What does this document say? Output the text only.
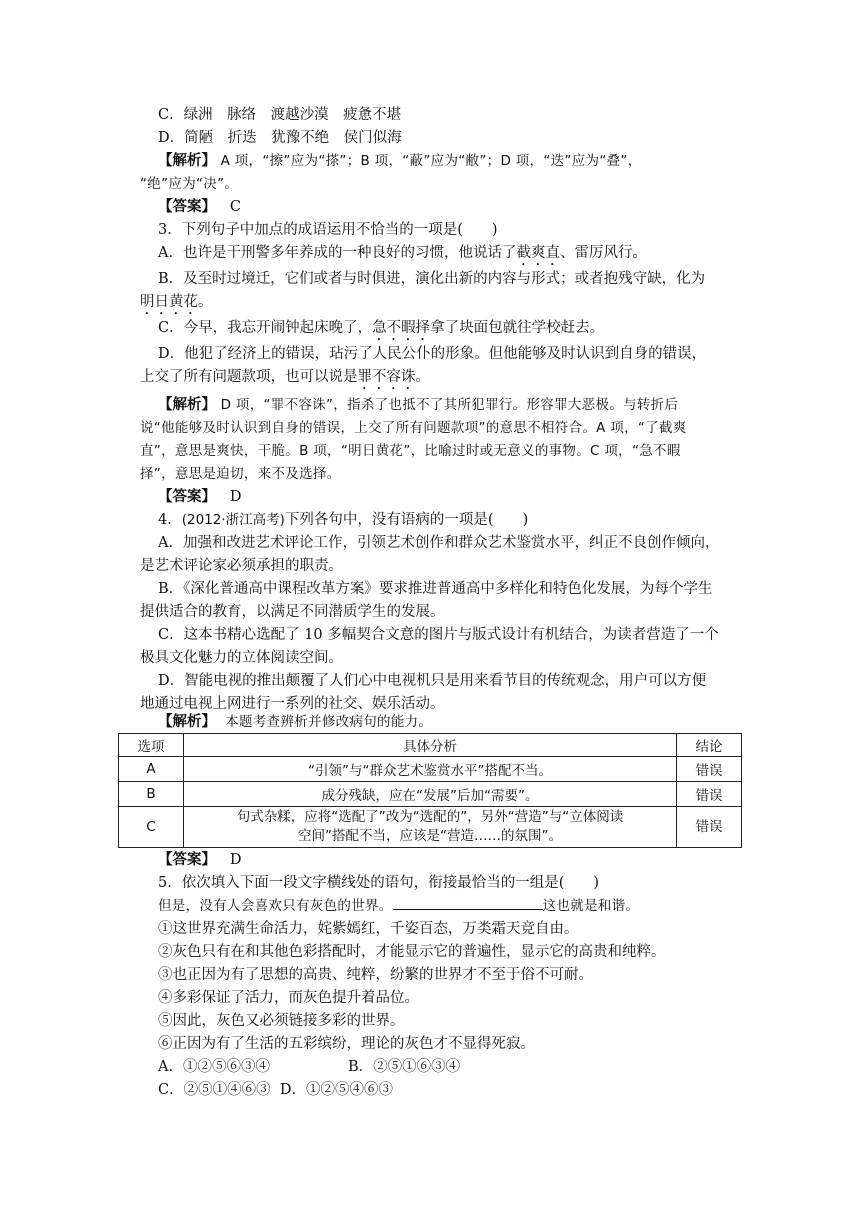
C．绿洲　脉络　渡越沙漠　疲惫不堪
D．简陋　折迭　犹豫不绝　侯门似海
【解析】 A 项，“擦”应为“搽”；B 项，“蔽”应为“敝”；D 项，“迭”应为“叠”，
“绝”应为“决”。
【答案】 C
3．下列句子中加点的成语运用不恰当的一项是(　　)
A．也许是干刑警多年养成的一种良好的习惯，他说话了截爽直、雷厉风行。
B．及至时过境迁，它们或者与时俱进，演化出新的内容与形式；或者抱残守缺，化为
明日黄花。
C．今早，我忘开闹钟起床晚了，急不暇择拿了块面包就往学校赶去。
D．他犯了经济上的错误，玷污了人民公仆的形象。但他能够及时认识到自身的错误，
上交了所有问题款项，也可以说是罪不容诛。
【解析】 D 项，“罪不容诛”，指杀了也抵不了其所犯罪行。形容罪大恶极。与转折后
说“他能够及时认识到自身的错误，上交了所有问题款项”的意思不相符合。A 项，“了截爽
直”，意思是爽快，干脆。B 项，“明日黄花”，比喻过时或无意义的事物。C 项，“急不暇
择”，意思是迫切，来不及选择。
【答案】 D
4．(2012·浙江高考)下列各句中，没有语病的一项是(　　)
A．加强和改进艺术评论工作，引领艺术创作和群众艺术鉴赏水平，纠正不良创作倾向，
是艺术评论家必须承担的职责。
B．《深化普通高中课程改革方案》要求推进普通高中多样化和特色化发展，为每个学生
提供适合的教育，以满足不同潜质学生的发展。
C．这本书精心选配了 10 多幅契合文意的图片与版式设计有机结合，为读者营造了一个
极具文化魅力的立体阅读空间。
D．智能电视的推出颠覆了人们心中电视机只是用来看节目的传统观念，用户可以方便
地通过电视上网进行一系列的社交、娱乐活动。
【解析】 本题考查辨析并修改病句的能力。
选项	具体分析	结论
A	“引领”与“群众艺术鉴赏水平”搭配不当。	错误
B	成分残缺，应在“发展”后加“需要”。	错误
C	句式杂糅，应将“选配了”改为“选配的”，另外“营造”与“立体阅读
空间”搭配不当，应该是“营造……的氛围”。	错误
【答案】 D
5．依次填入下面一段文字横线处的语句，衔接最恰当的一组是(　　)
但是，没有人会喜欢只有灰色的世界。	这也就是和谐。
①这世界充满生命活力，姹紫嫣红，千姿百态，万类霜天竞自由。
②灰色只有在和其他色彩搭配时，才能显示它的普遍性，显示它的高贵和纯粹。
③也正因为有了思想的高贵、纯粹，纷繁的世界才不至于俗不可耐。
④多彩保证了活力，而灰色提升着品位。
⑤因此，灰色又必须链接多彩的世界。
⑥正因为有了生活的五彩缤纷，理论的灰色才不显得死寂。
A．①②⑤⑥③④	B．②⑤①⑥③④
C．②⑤①④⑥③ D．①②⑤④⑥③
